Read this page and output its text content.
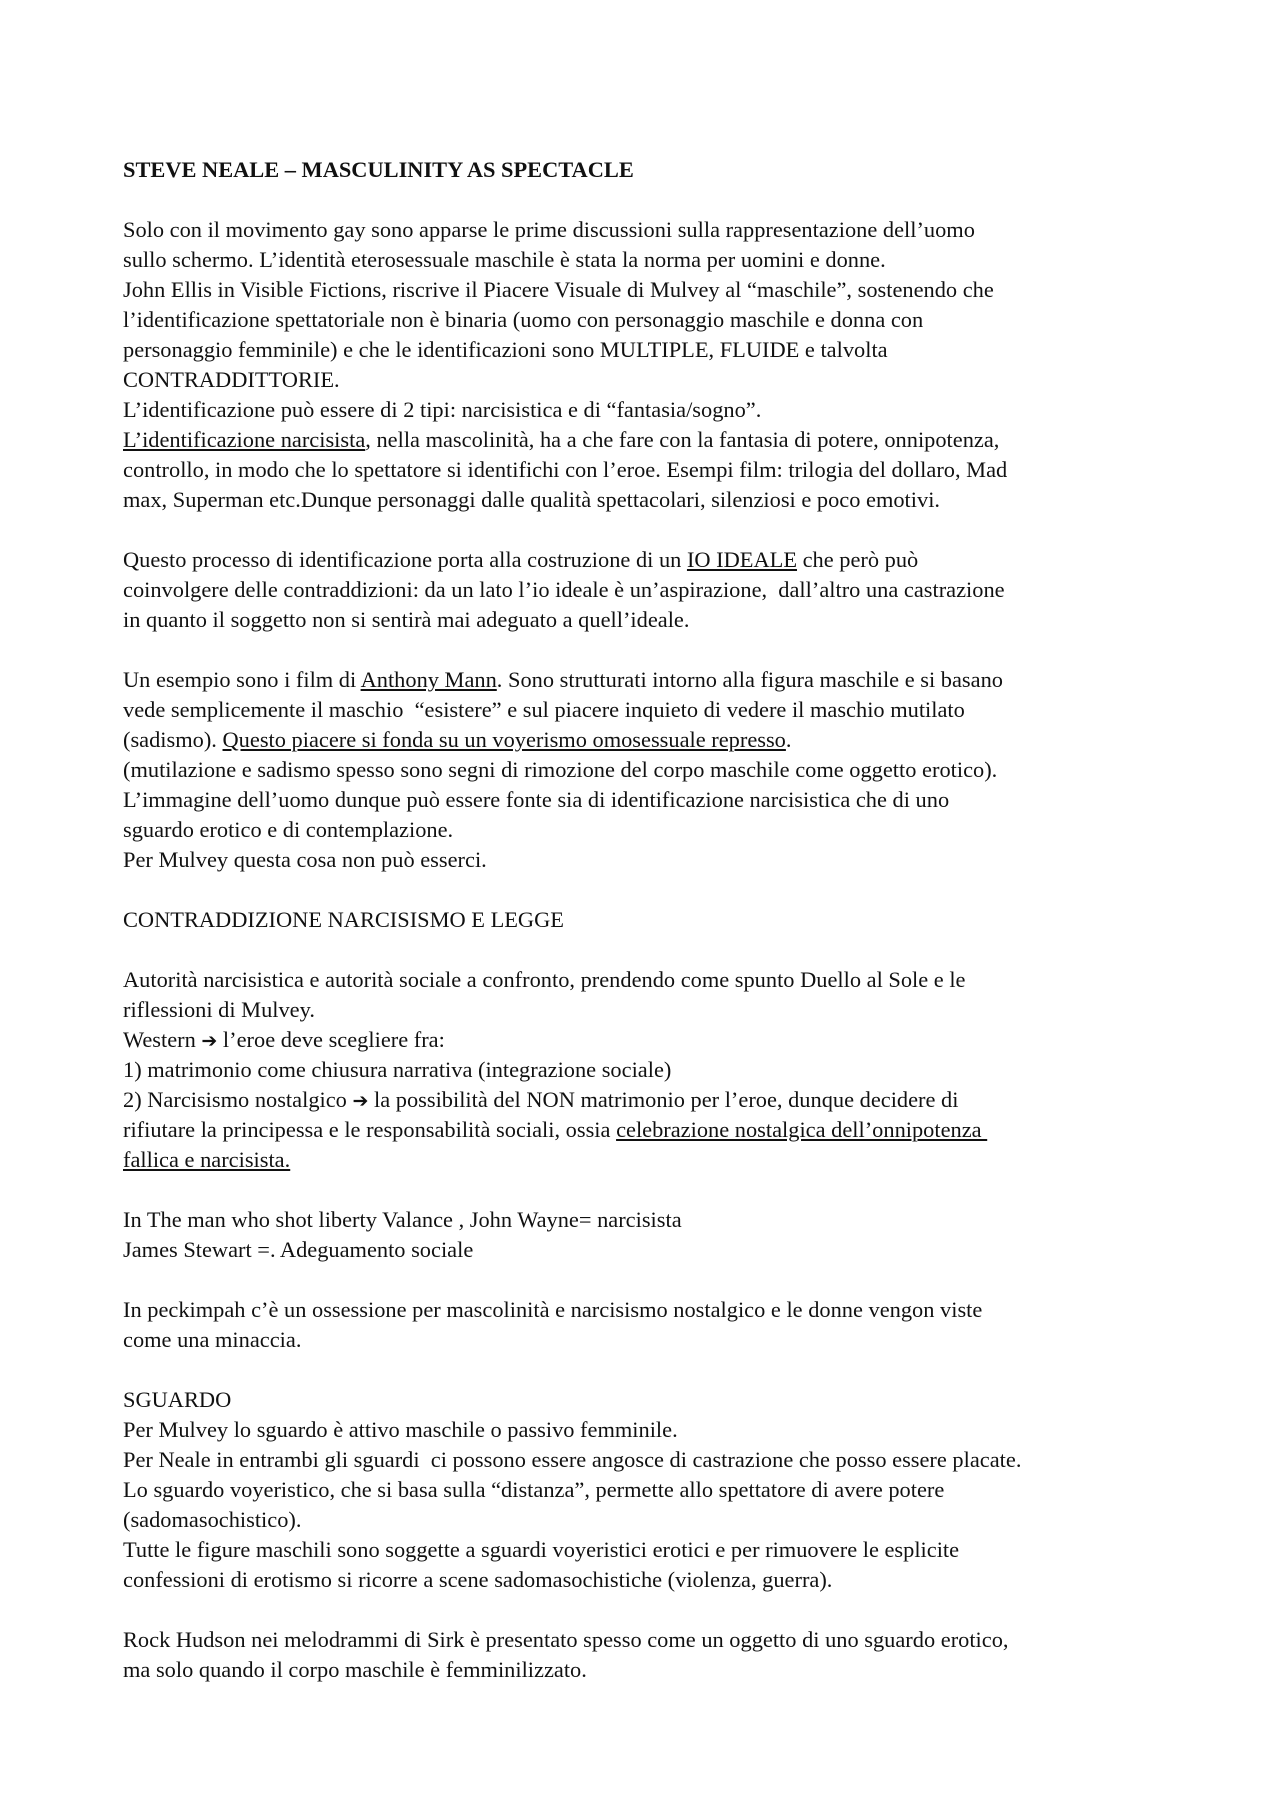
STEVE NEALE – MASCULINITY AS SPECTACLE
Solo con il movimento gay sono apparse le prime discussioni sulla rappresentazione dell’uomo
sullo schermo. L’identità eterosessuale maschile è stata la norma per uomini e donne.
John Ellis in Visible Fictions, riscrive il Piacere Visuale di Mulvey al “maschile”, sostenendo che
l’identificazione spettatoriale non è binaria (uomo con personaggio maschile e donna con
personaggio femminile) e che le identificazioni sono MULTIPLE, FLUIDE e talvolta
CONTRADDITTORIE.
L’identificazione può essere di 2 tipi: narcisistica e di “fantasia/sogno”.
L’identificazione narcisista, nella mascolinità, ha a che fare con la fantasia di potere, onnipotenza,
controllo, in modo che lo spettatore si identifichi con l’eroe. Esempi film: trilogia del dollaro, Mad
max, Superman etc.Dunque personaggi dalle qualità spettacolari, silenziosi e poco emotivi.
Questo processo di identificazione porta alla costruzione di un IO IDEALE che però può
coinvolgere delle contraddizioni: da un lato l’io ideale è un’aspirazione,  dall’altro una castrazione
in quanto il soggetto non si sentirà mai adeguato a quell’ideale.
Un esempio sono i film di Anthony Mann. Sono strutturati intorno alla figura maschile e si basano
vede semplicemente il maschio  “esistere” e sul piacere inquieto di vedere il maschio mutilato
(sadismo). Questo piacere si fonda su un voyerismo omosessuale represso.
(mutilazione e sadismo spesso sono segni di rimozione del corpo maschile come oggetto erotico).
L’immagine dell’uomo dunque può essere fonte sia di identificazione narcisistica che di uno
sguardo erotico e di contemplazione.
Per Mulvey questa cosa non può esserci.
CONTRADDIZIONE NARCISISMO E LEGGE
Autorità narcisistica e autorità sociale a confronto, prendendo come spunto Duello al Sole e le
riflessioni di Mulvey.
Western ➔ l’eroe deve scegliere fra:
1) matrimonio come chiusura narrativa (integrazione sociale)
2) Narcisismo nostalgico ➔ la possibilità del NON matrimonio per l’eroe, dunque decidere di
rifiutare la principessa e le responsabilità sociali, ossia celebrazione nostalgica dell’onnipotenza
fallica e narcisista.
In The man who shot liberty Valance , John Wayne= narcisista
James Stewart =. Adeguamento sociale
In peckimpah c’è un ossessione per mascolinità e narcisismo nostalgico e le donne vengon viste
come una minaccia.
SGUARDO
Per Mulvey lo sguardo è attivo maschile o passivo femminile.
Per Neale in entrambi gli sguardi  ci possono essere angosce di castrazione che posso essere placate.
Lo sguardo voyeristico, che si basa sulla “distanza”, permette allo spettatore di avere potere
(sadomasochistico).
Tutte le figure maschili sono soggette a sguardi voyeristici erotici e per rimuovere le esplicite
confessioni di erotismo si ricorre a scene sadomasochistiche (violenza, guerra).
Rock Hudson nei melodrammi di Sirk è presentato spesso come un oggetto di uno sguardo erotico,
ma solo quando il corpo maschile è femminilizzato.
